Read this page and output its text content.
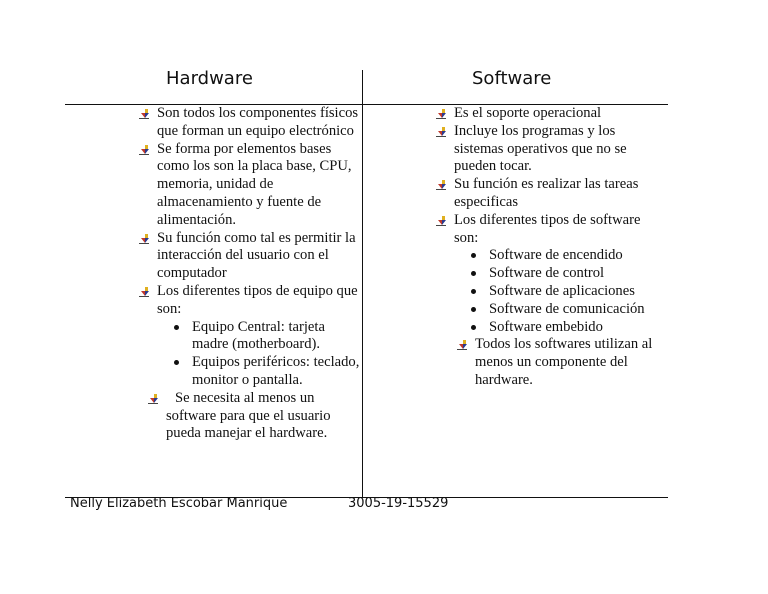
Hardware	Software
Son todos los componentes físicos que forman un equipo electrónico
Se forma por elementos bases como los son la placa base, CPU, memoria, unidad de almacenamiento y fuente de alimentación.
Su función como tal es permitir la interacción del usuario con el computador
Los diferentes tipos de equipo que son:
Equipo Central: tarjeta madre (motherboard).
Equipos periféricos: teclado, monitor o pantalla.
Se necesita al menos un software para que el usuario pueda manejar el hardware.
Es el soporte operacional
Incluye los programas y los sistemas operativos que no se pueden tocar.
Su función es realizar las tareas especificas
Los diferentes tipos de software son:
Software de encendido
Software de control
Software de aplicaciones
Software de comunicación
Software embebido
Todos los softwares utilizan al menos un componente del hardware.
Nelly Elizabeth Escobar Manrique	3005-19-15529
